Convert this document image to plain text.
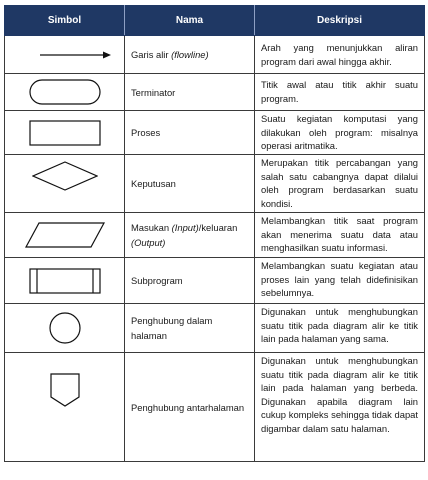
Simbol	Nama	Deskripsi

	Garis alir (flowline)	Arah yang menunjukkan aliran program dari awal hingga akhir.

	Terminator	Titik awal atau titik akhir suatu program.

	Proses	Suatu kegiatan komputasi yang dilakukan oleh program: misalnya operasi aritmatika.

	Keputusan	Merupakan titik percabangan yang salah satu cabangnya dapat dilalui oleh program berdasarkan suatu kondisi.

	Masukan (Input)/keluaran (Output)	Melambangkan titik saat program akan menerima suatu data atau menghasilkan suatu informasi.

	Subprogram	Melambangkan suatu kegiatan atau proses lain yang telah didefinisikan sebelumnya.

	Penghubung dalam halaman	Digunakan untuk menghubungkan suatu titik pada diagram alir ke titik lain pada halaman yang sama.

	Penghubung antarhalaman	Digunakan untuk menghubungkan suatu titik pada diagram alir ke titik lain pada halaman yang berbeda. Digunakan apabila diagram lain cukup kompleks sehingga tidak dapat digambar dalam satu halaman.
